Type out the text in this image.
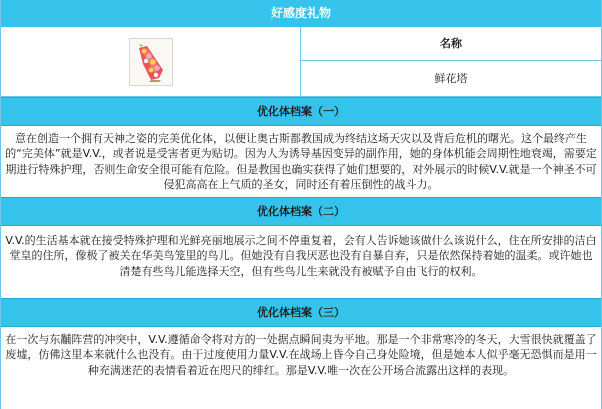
好感度礼物
名称
鲜花塔
优化体档案（一）
意在创造一个拥有天神之姿的完美优化体，以便让奥古斯都教国成为终结这场天灾以及背后危机的曙光。这个最终产生的“完美体”就是V.V.，或者说是受害者更为贴切。因为人为诱导基因变异的副作用，她的身体机能会周期性地衰竭，需要定期进行特殊护理，否则生命安全很可能有危险。但是教国也确实获得了她们想要的，对外展示的时候V.V.就是一个神圣不可侵犯高高在上气质的圣女，同时还有着压倒性的战斗力。
优化体档案（二）
V.V.的生活基本就在接受特殊护理和光鲜亮丽地展示之间不停重复着，会有人告诉她该做什么该说什么，住在所安排的洁白堂皇的住所，像极了被关在华美鸟笼里的鸟儿。但她没有自我厌恶也没有自暴自弃，只是依然保持着她的温柔。或许她也清楚有些鸟儿能选择天空，但有些鸟儿生来就没有被赋予自由飞行的权利。
优化体档案（三）
在一次与东黼阵营的冲突中，V.V.遵循命令将对方的一处据点瞬间夷为平地。那是一个非常寒冷的冬天，大雪很快就覆盖了废墟，仿佛这里本来就什么也没有。由于过度使用力量V.V.在战场上昏今自己身处险境，但是她本人似乎毫无恐惧而是用一种充满迷茫的表情看着近在咫尺的绯红。那是V.V.唯一次在公开场合流露出这样的表现。
